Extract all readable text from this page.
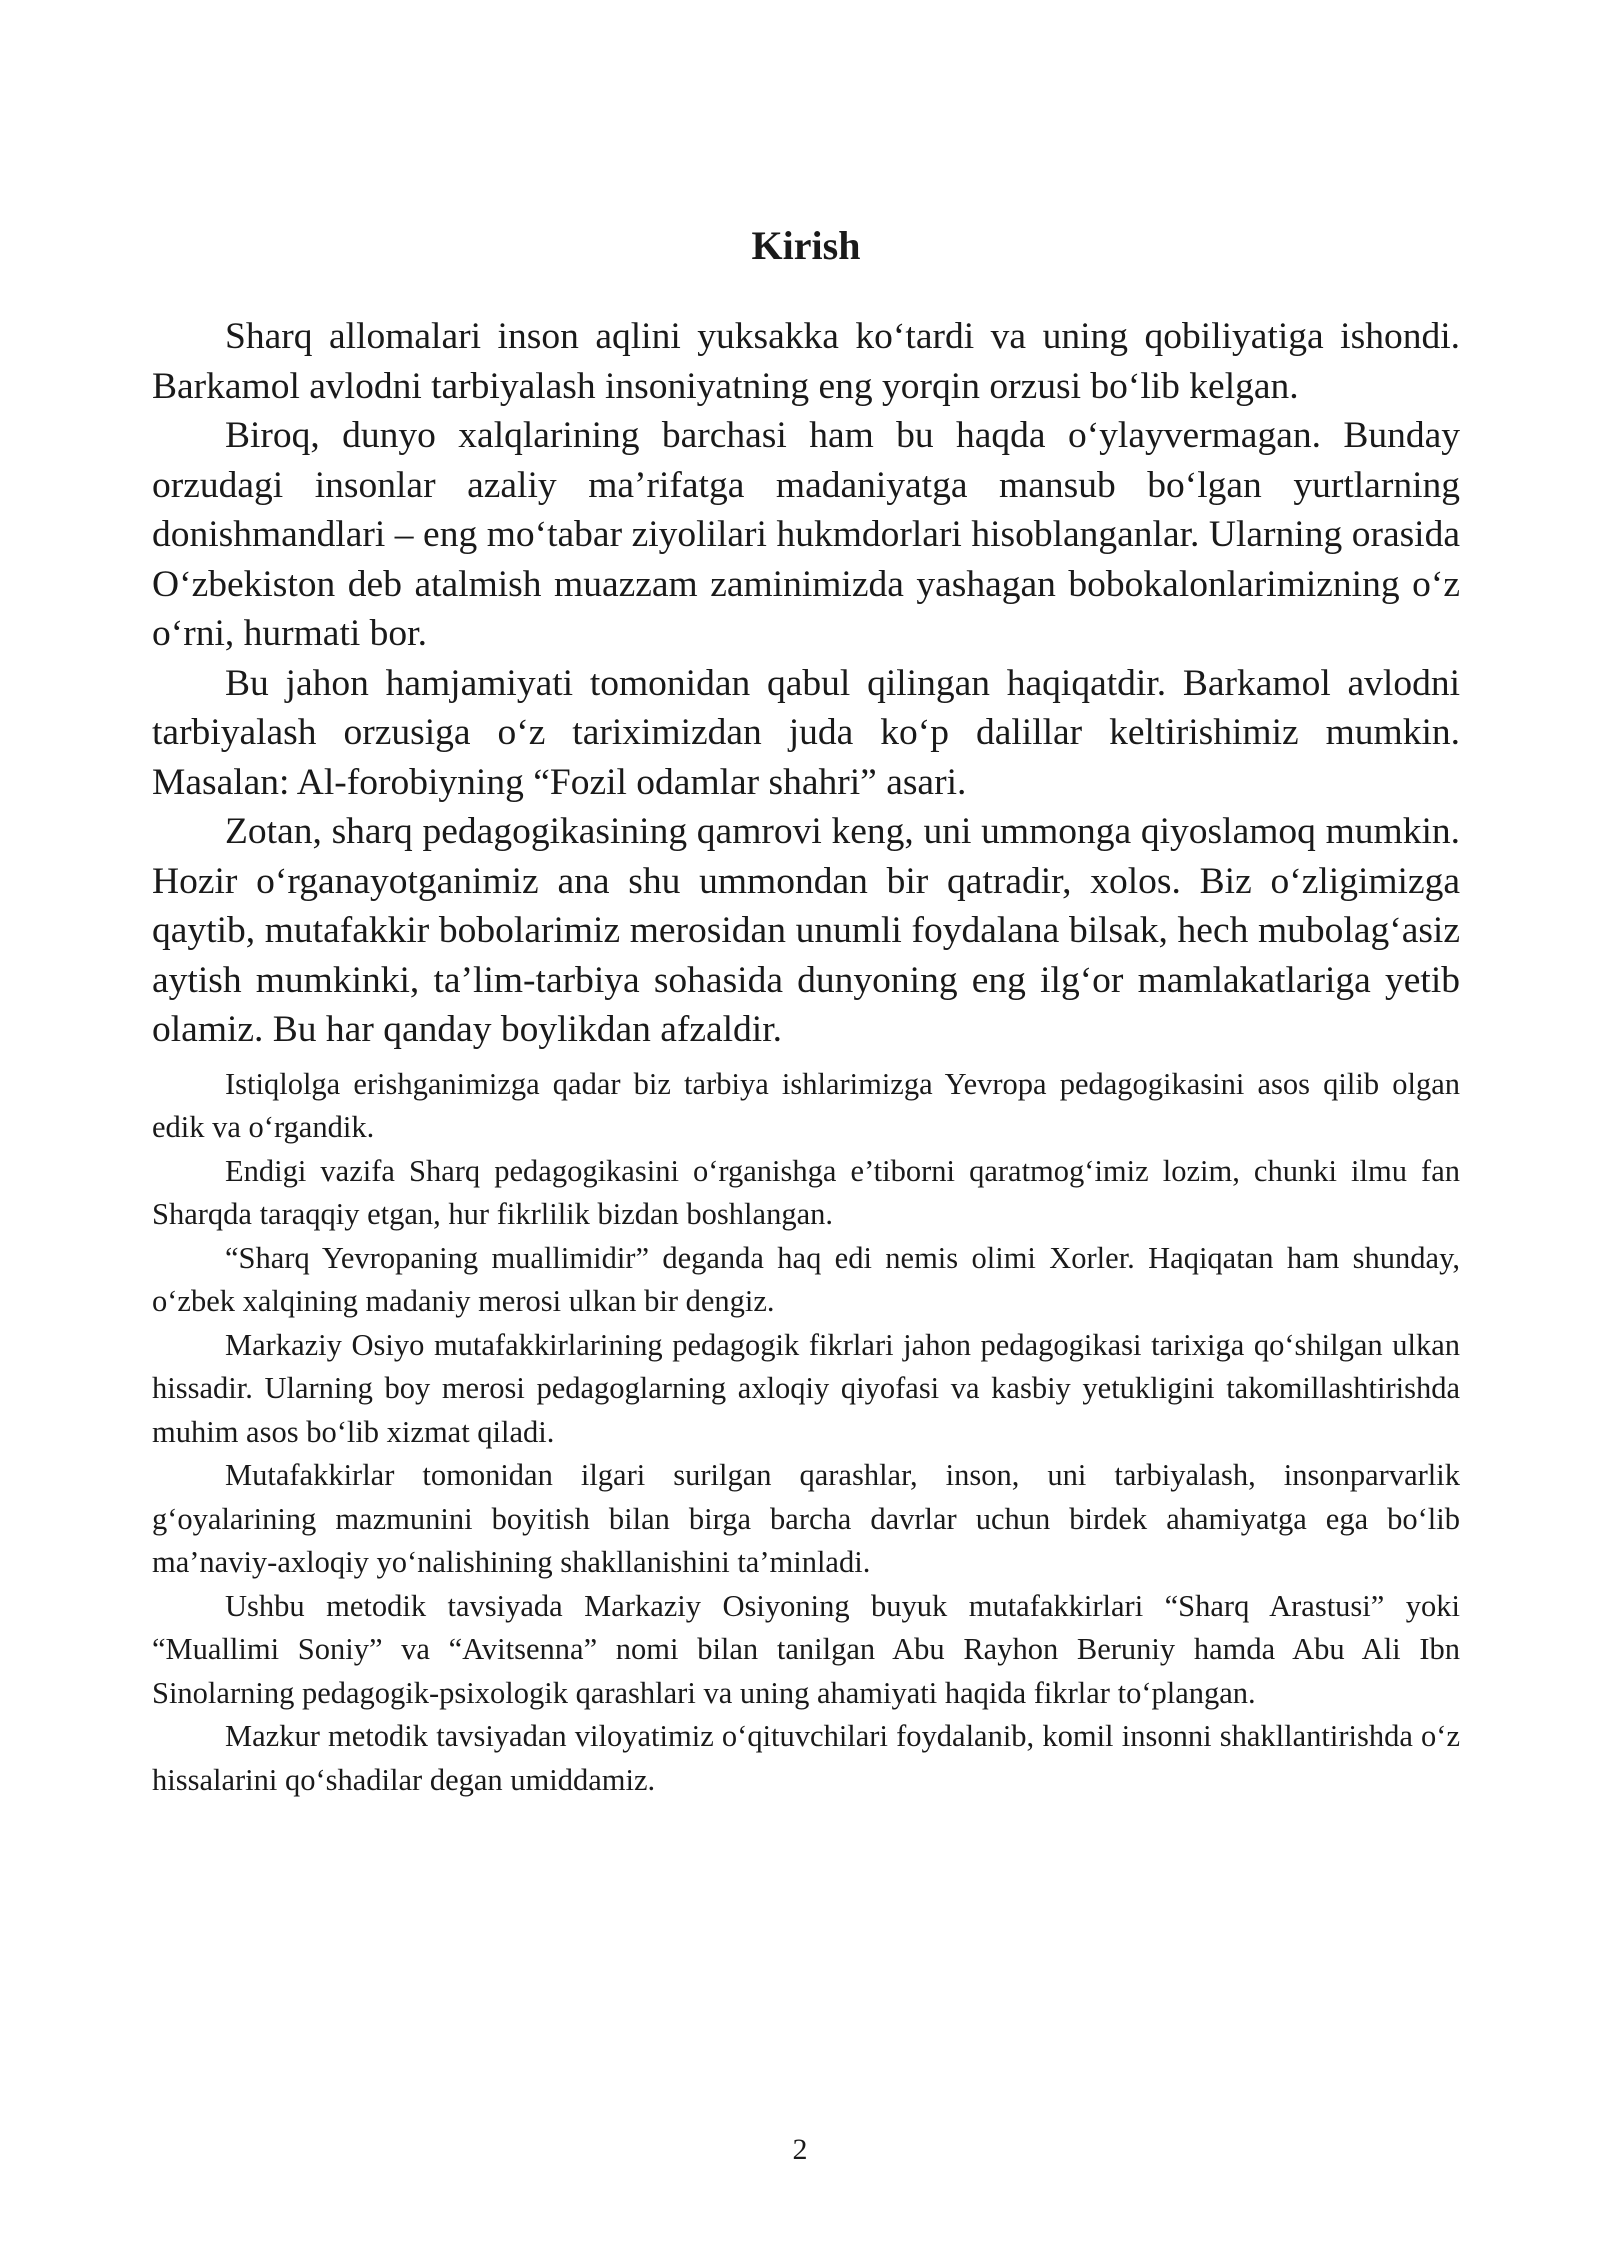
Kirish

Sharq allomalari inson aqlini yuksakka ko‘tardi va uning qobiliyatiga ishondi. Barkamol avlodni tarbiyalash insoniyatning eng yorqin orzusi bo‘lib kelgan.

Biroq, dunyo xalqlarining barchasi ham bu haqda o‘ylayvermagan. Bunday orzudagi insonlar azaliy ma’rifatga madaniyatga mansub bo‘lgan yurtlarning donishmandlari – eng mo‘tabar ziyolilari hukmdorlari hisoblanganlar. Ularning orasida O‘zbekiston deb atalmish muazzam zaminimizda yashagan bobokalonlarimizning o‘z o‘rni, hurmati bor.

Bu jahon hamjamiyati tomonidan qabul qilingan haqiqatdir. Barkamol avlodni tarbiyalash orzusiga o‘z tariximizdan juda ko‘p dalillar keltirishimiz mumkin. Masalan: Al-forobiyning “Fozil odamlar shahri” asari.

Zotan, sharq pedagogikasining qamrovi keng, uni ummonga qiyoslamoq mumkin. Hozir o‘rganayotganimiz ana shu ummondan bir qatradir, xolos. Biz o‘zligimizga qaytib, mutafakkir bobolarimiz merosidan unumli foydalana bilsak, hech mubolag‘asiz aytish mumkinki, ta’lim-tarbiya sohasida dunyoning eng ilg‘or mamlakatlariga yetib olamiz. Bu har qanday boylikdan afzaldir.

Istiqlolga erishganimizga qadar biz tarbiya ishlarimizga Yevropa pedagogikasini asos qilib olgan edik va o‘rgandik.

Endigi vazifa Sharq pedagogikasini o‘rganishga e’tiborni qaratmog‘imiz lozim, chunki ilmu fan Sharqda taraqqiy etgan, hur fikrlilik bizdan boshlangan.

“Sharq Yevropaning muallimidir” deganda haq edi nemis olimi Xorler. Haqiqatan ham shunday, o‘zbek xalqining madaniy merosi ulkan bir dengiz.

Markaziy Osiyo mutafakkirlarining pedagogik fikrlari jahon pedagogikasi tarixiga qo‘shilgan ulkan hissadir. Ularning boy merosi pedagoglarning axloqiy qiyofasi va kasbiy yetukligini takomillashtirishda muhim asos bo‘lib xizmat qiladi.

Mutafakkirlar tomonidan ilgari surilgan qarashlar, inson, uni tarbiyalash, insonparvarlik g‘oyalarining mazmunini boyitish bilan birga barcha davrlar uchun birdek ahamiyatga ega bo‘lib ma’naviy-axloqiy yo‘nalishining shakllanishini ta’minladi.

Ushbu metodik tavsiyada Markaziy Osiyoning buyuk mutafakkirlari “Sharq Arastusi” yoki “Muallimi Soniy” va “Avitsenna” nomi bilan tanilgan Abu Rayhon Beruniy hamda Abu Ali Ibn Sinolarning pedagogik-psixologik qarashlari va uning ahamiyati haqida fikrlar to‘plangan.

Mazkur metodik tavsiyadan viloyatimiz o‘qituvchilari foydalanib, komil insonni shakllantirishda o‘z hissalarini qo‘shadilar degan umiddamiz.

2
